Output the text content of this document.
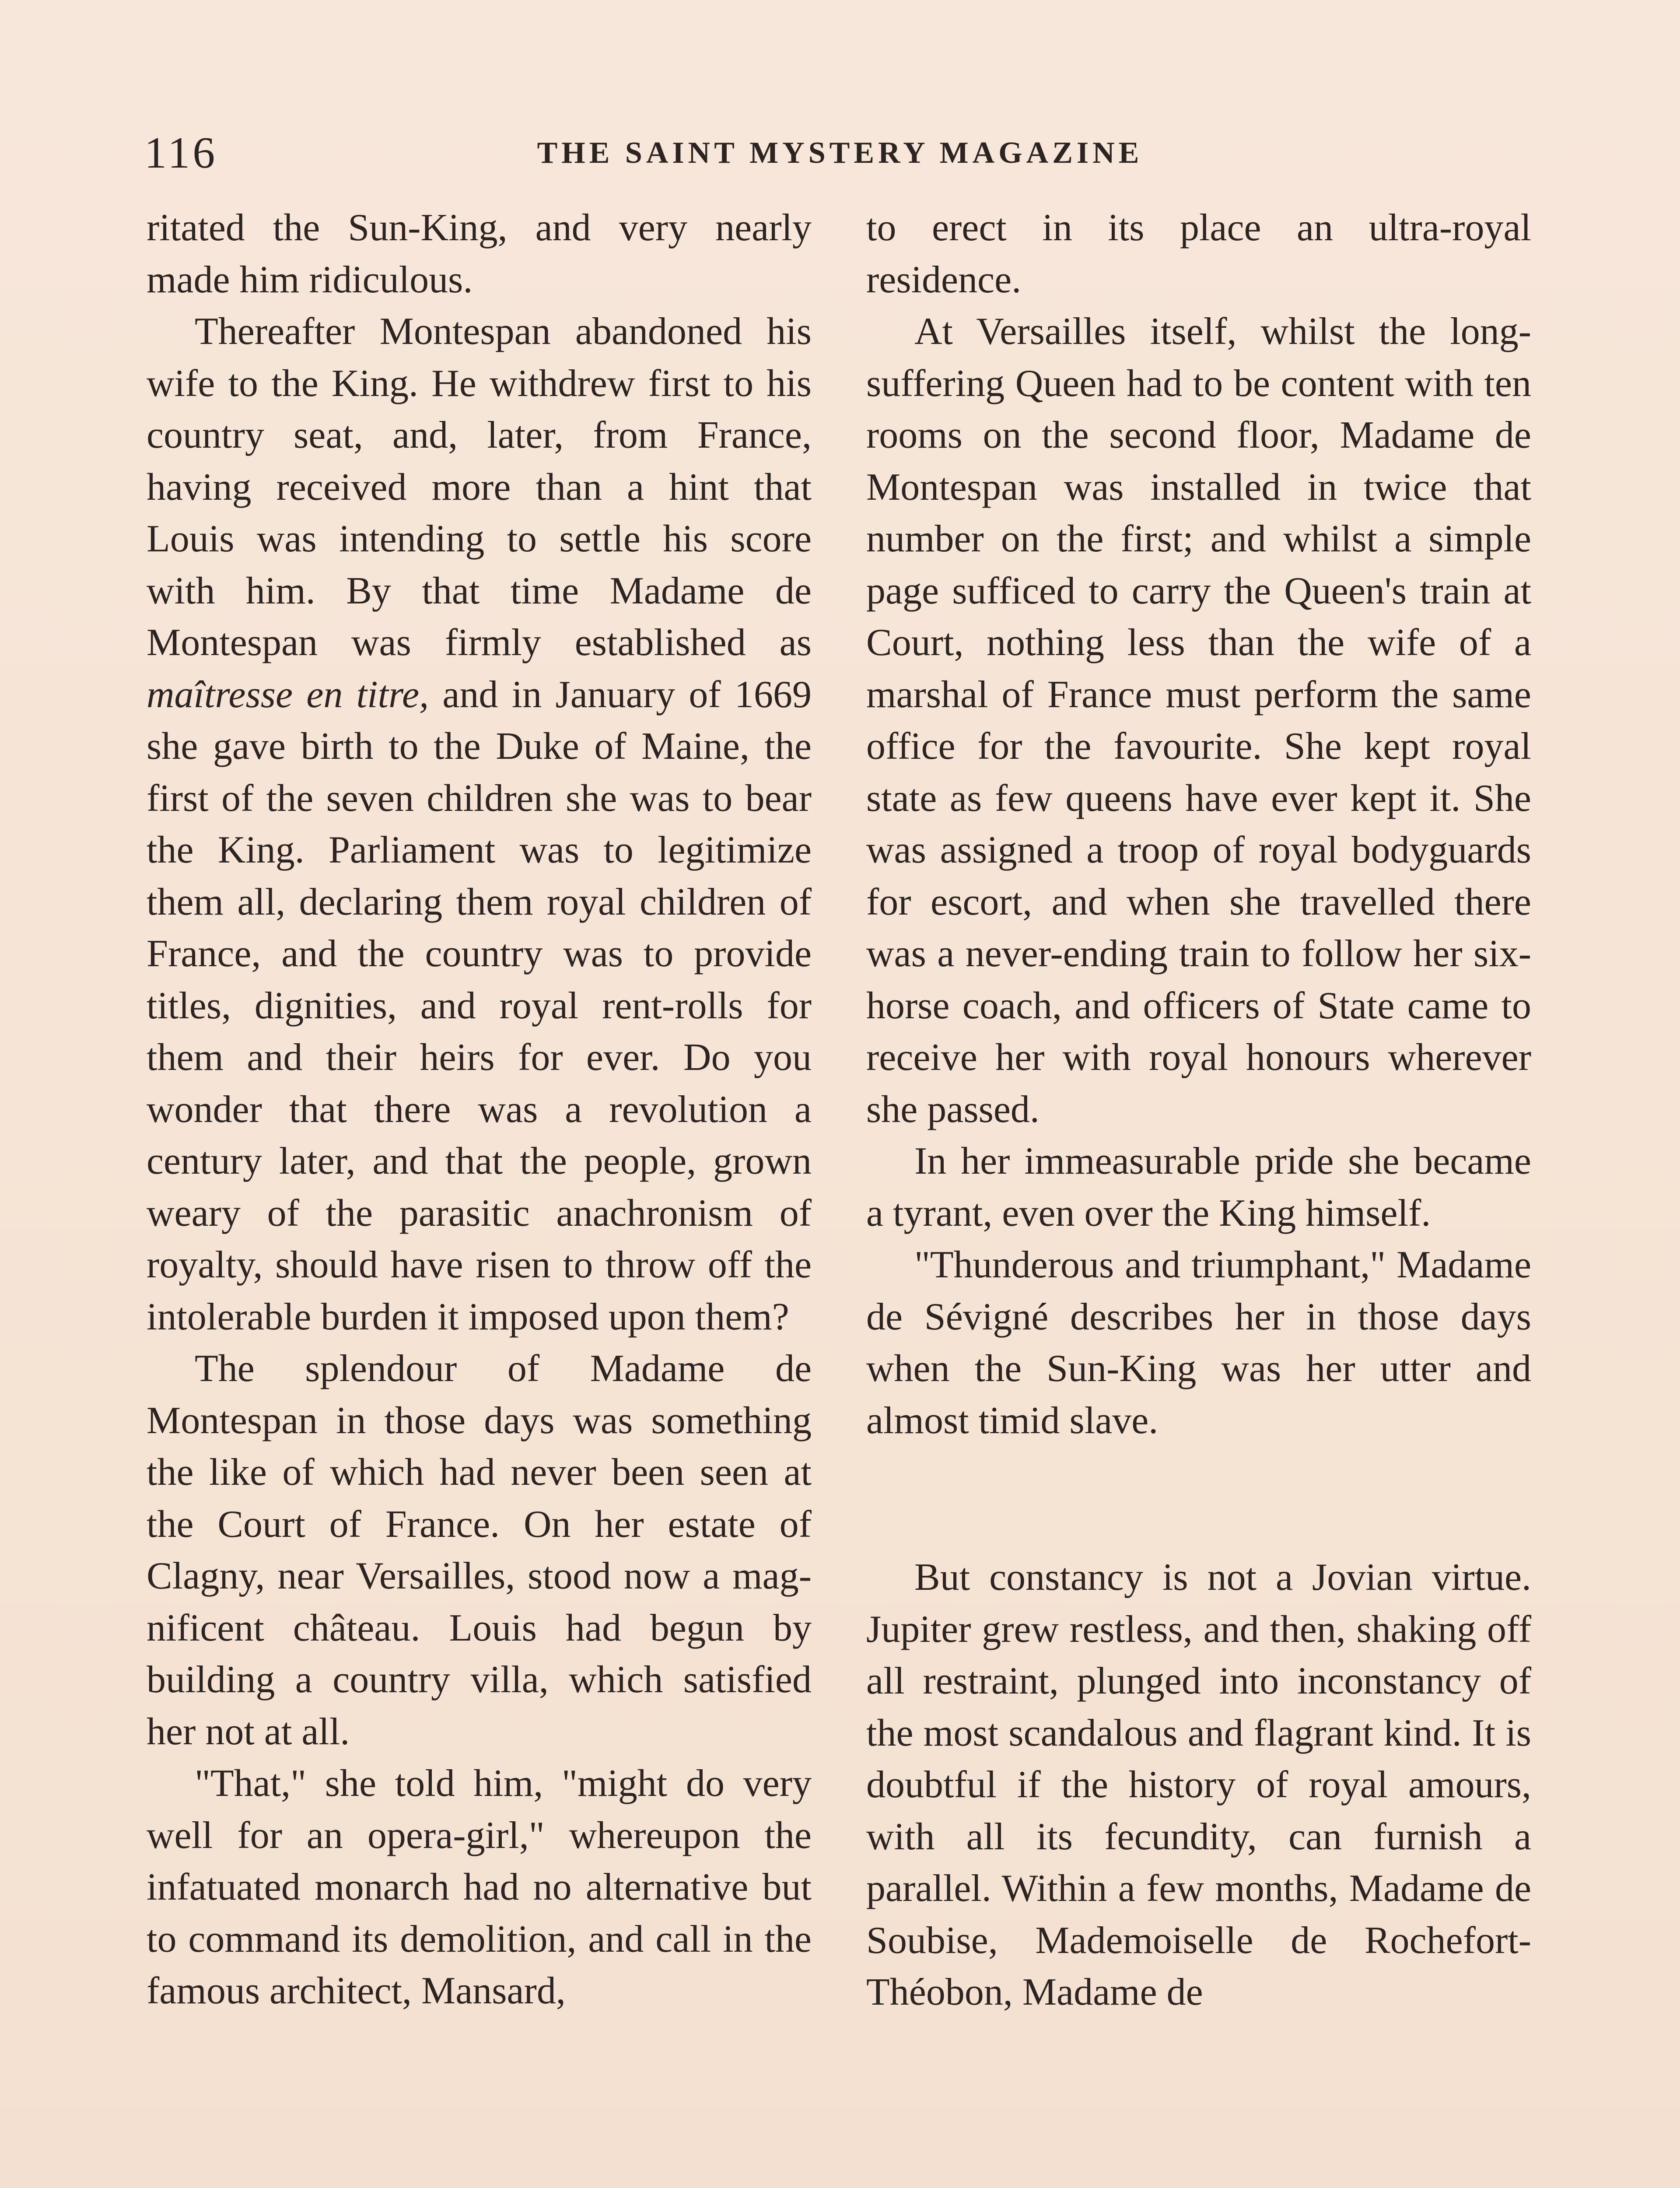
116	THE SAINT MYSTERY MAGAZINE

ritated the Sun-King, and very nearly made him ridiculous.

Thereafter Montespan abandoned his wife to the King. He withdrew first to his country seat, and, later, from France, having received more than a hint that Louis was intending to settle his score with him. By that time Madame de Montespan was firmly established as maîtresse en titre, and in January of 1669 she gave birth to the Duke of Maine, the first of the seven children she was to bear the King. Parliament was to legitimize them all, declaring them royal children of France, and the country was to provide titles, dignities, and royal rent-rolls for them and their heirs for ever. Do you wonder that there was a revolution a century later, and that the people, grown weary of the parasitic anachronism of royalty, should have risen to throw off the intolerable burden it imposed upon them?

The splendour of Madame de Montespan in those days was something the like of which had never been seen at the Court of France. On her estate of Clagny, near Versailles, stood now a magnificent château. Louis had begun by building a country villa, which satisfied her not at all.

"That," she told him, "might do very well for an opera-girl," whereupon the infatuated monarch had no alternative but to command its demolition, and call in the famous architect, Mansard,

to erect in its place an ultra-royal residence.

At Versailles itself, whilst the long-suffering Queen had to be content with ten rooms on the second floor, Madame de Montespan was installed in twice that number on the first; and whilst a simple page sufficed to carry the Queen's train at Court, nothing less than the wife of a marshal of France must perform the same office for the favourite. She kept royal state as few queens have ever kept it. She was assigned a troop of royal bodyguards for escort, and when she travelled there was a never-ending train to follow her six-horse coach, and officers of State came to receive her with royal honours wherever she passed.

In her immeasurable pride she became a tyrant, even over the King himself.

"Thunderous and triumphant," Madame de Sévigné describes her in those days when the Sun-King was her utter and almost timid slave.

But constancy is not a Jovian virtue. Jupiter grew restless, and then, shaking off all restraint, plunged into inconstancy of the most scandalous and flagrant kind. It is doubtful if the history of royal amours, with all its fecundity, can furnish a parallel. Within a few months, Madame de Soubise, Mademoiselle de Rochefort-Théobon, Madame de
